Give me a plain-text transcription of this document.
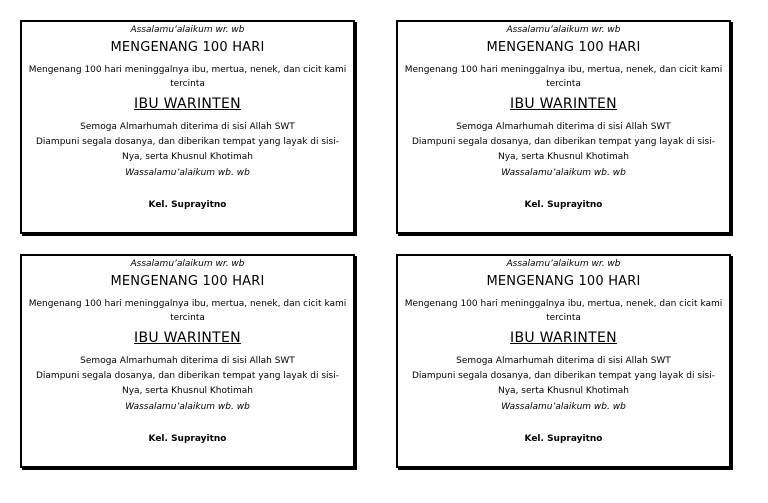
Assalamu’alaikum wr. wb
MENGENANG 100 HARI
Mengenang 100 hari meninggalnya ibu, mertua, nenek, dan cicit kami tercinta
IBU WARINTEN
Semoga Almarhumah diterima di sisi Allah SWT
Diampuni segala dosanya, dan diberikan tempat yang layak di sisi-
Nya, serta Khusnul Khotimah
Wassalamu’alaikum wb. wb
Kel. Suprayitno
Assalamu’alaikum wr. wb
MENGENANG 100 HARI
Mengenang 100 hari meninggalnya ibu, mertua, nenek, dan cicit kami tercinta
IBU WARINTEN
Semoga Almarhumah diterima di sisi Allah SWT
Diampuni segala dosanya, dan diberikan tempat yang layak di sisi-
Nya, serta Khusnul Khotimah
Wassalamu’alaikum wb. wb
Kel. Suprayitno
Assalamu’alaikum wr. wb
MENGENANG 100 HARI
Mengenang 100 hari meninggalnya ibu, mertua, nenek, dan cicit kami tercinta
IBU WARINTEN
Semoga Almarhumah diterima di sisi Allah SWT
Diampuni segala dosanya, dan diberikan tempat yang layak di sisi-
Nya, serta Khusnul Khotimah
Wassalamu’alaikum wb. wb
Kel. Suprayitno
Assalamu’alaikum wr. wb
MENGENANG 100 HARI
Mengenang 100 hari meninggalnya ibu, mertua, nenek, dan cicit kami tercinta
IBU WARINTEN
Semoga Almarhumah diterima di sisi Allah SWT
Diampuni segala dosanya, dan diberikan tempat yang layak di sisi-
Nya, serta Khusnul Khotimah
Wassalamu’alaikum wb. wb
Kel. Suprayitno
